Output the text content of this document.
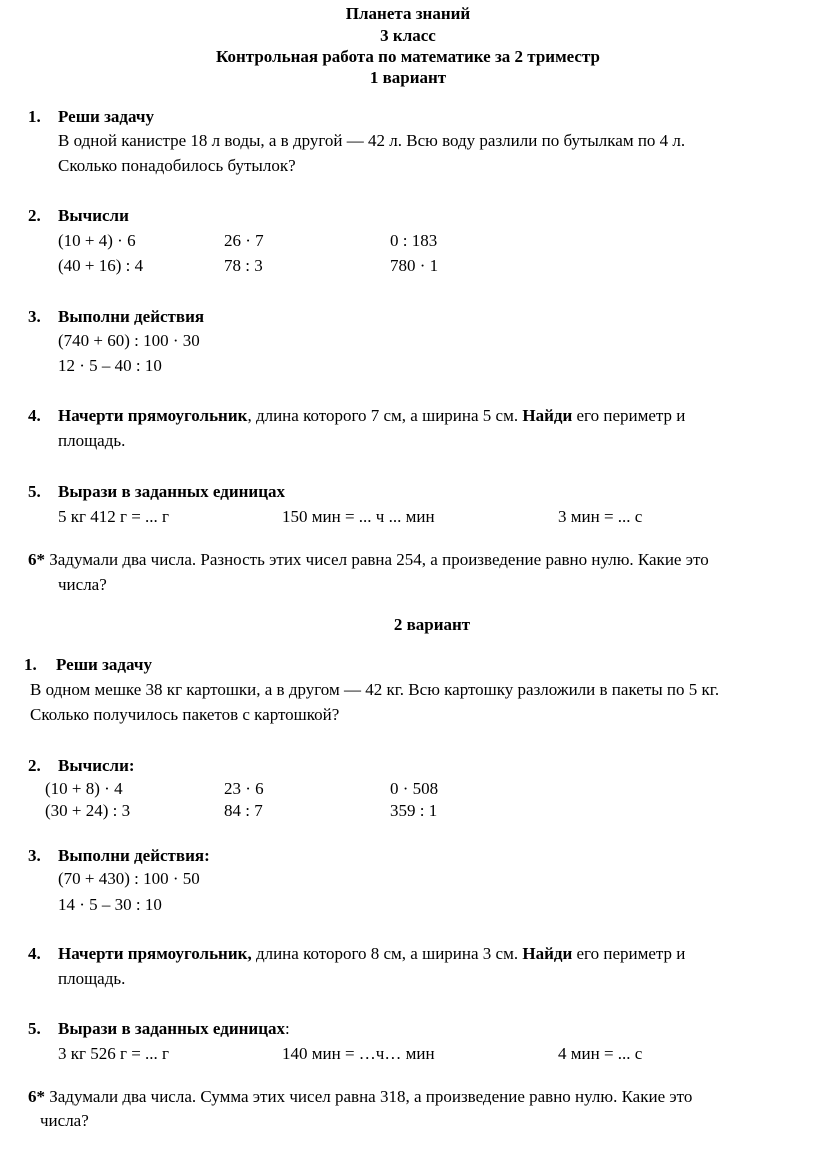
Планета знаний
3 класс
Контрольная работа по математике за 2 триместр
1 вариант
1. Реши задачу
В одной канистре 18 л воды, а в другой — 42 л. Всю воду разлили по бутылкам по 4 л.
Сколько понадобилось бутылок?
2. Вычисли
(10 + 4) · 6	26 · 7	0 : 183
(40 + 16) : 4	78 : 3	780 · 1
3. Выполни действия
(740 + 60) : 100 · 30
12 · 5 – 40 : 10
4. Начерти прямоугольник, длина которого 7 см, а ширина 5 см. Найди его периметр и
площадь.
5. Вырази в заданных единицах
5 кг 412 г = ... г	150 мин = ... ч ... мин	3 мин = ... с
6* Задумали два числа. Разность этих чисел равна 254, а произведение равно нулю. Какие это
числа?
2 вариант
1. Реши задачу
В одном мешке 38 кг картошки, а в другом — 42 кг. Всю картошку разложили в пакеты по 5 кг.
Сколько получилось пакетов с картошкой?
2. Вычисли:
(10 + 8) · 4	23 · 6	0 · 508
(30 + 24) : 3	84 : 7	359 : 1
3. Выполни действия:
(70 + 430) : 100 · 50
14 · 5 – 30 : 10
4. Начерти прямоугольник, длина которого 8 см, а ширина 3 см. Найди его периметр и
площадь.
5. Вырази в заданных единицах:
3 кг 526 г = ... г	140 мин = …ч… мин	4 мин = ... с
6* Задумали два числа. Сумма этих чисел равна 318, а произведение равно нулю. Какие это
числа?
